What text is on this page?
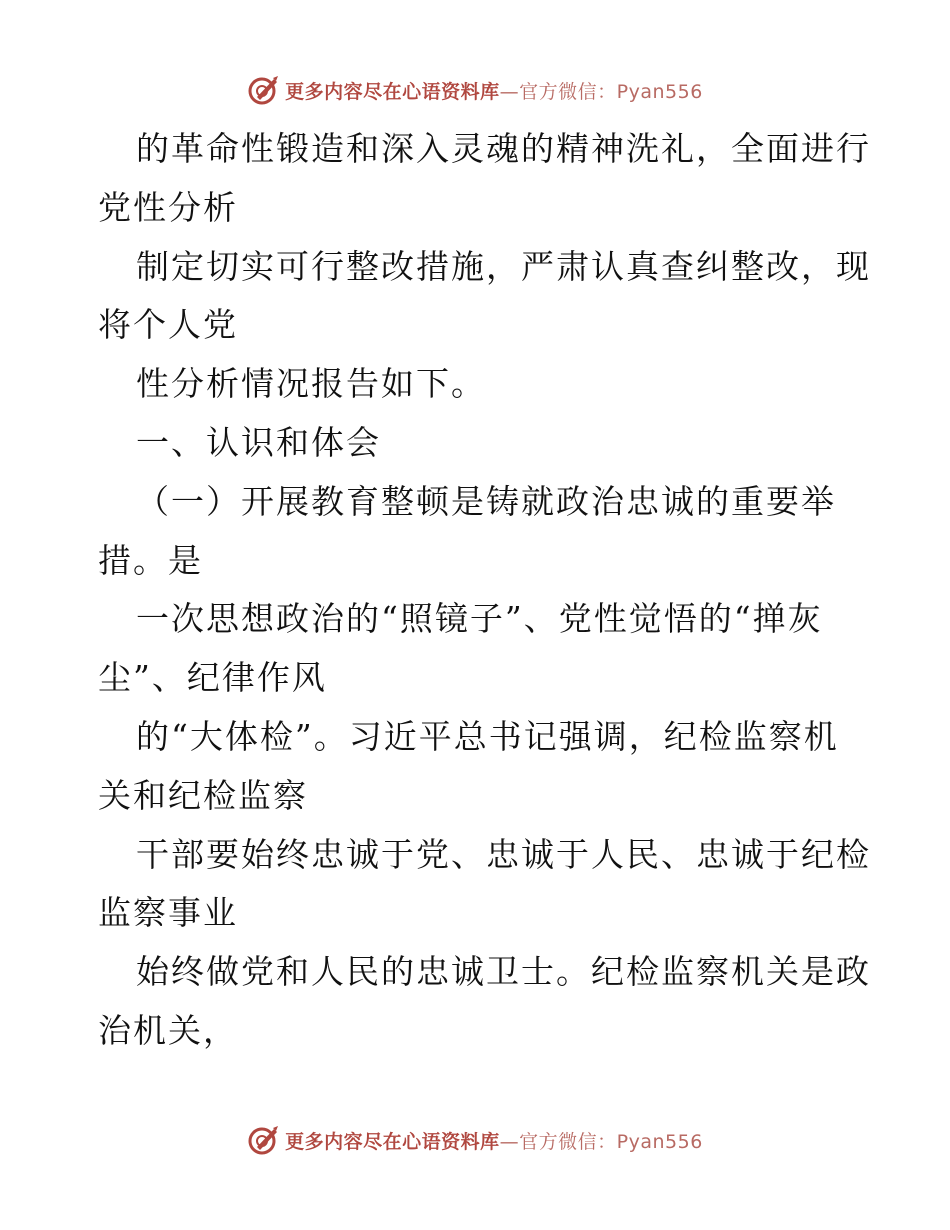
更多内容尽在心语资料库—官方微信：Pyan556
的革命性锻造和深入灵魂的精神洗礼，全面进行
党性分析
制定切实可行整改措施，严肃认真查纠整改，现
将个人党
性分析情况报告如下。
一、认识和体会
（一）开展教育整顿是铸就政治忠诚的重要举
措。是
一次思想政治的“照镜子”、党性觉悟的“掸灰
尘”、纪律作风
的“大体检”。习近平总书记强调，纪检监察机
关和纪检监察
干部要始终忠诚于党、忠诚于人民、忠诚于纪检
监察事业
始终做党和人民的忠诚卫士。纪检监察机关是政
治机关，
更多内容尽在心语资料库—官方微信：Pyan556
